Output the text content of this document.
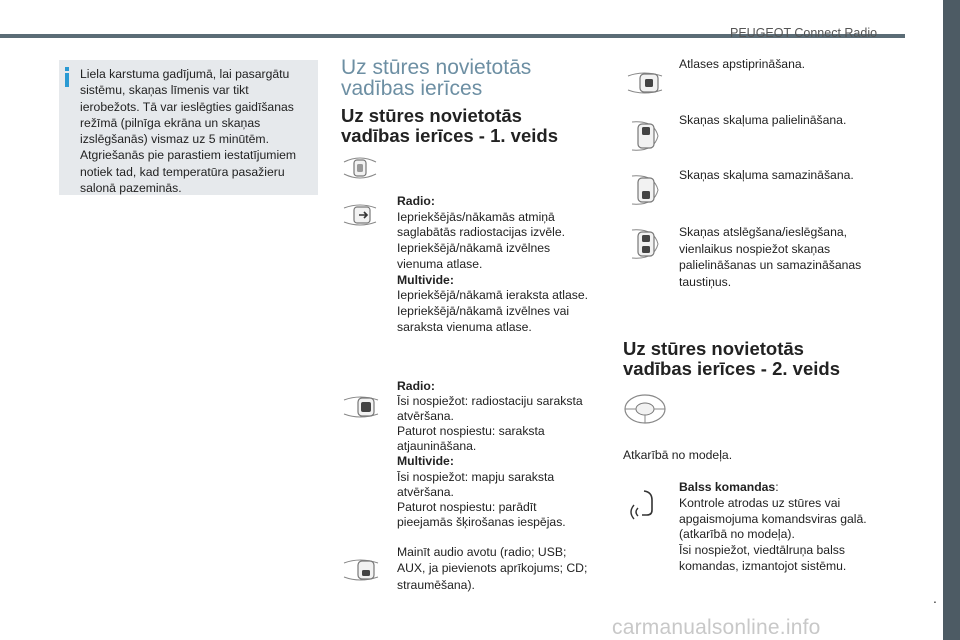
PEUGEOT Connect Radio
.
1
Liela karstuma gadījumā, lai pasargātu
sistēmu, skaņas līmenis var tikt
ierobežots. Tā var ieslēgties gaidīšanas
režīmā (pilnīga ekrāna un skaņas
izslēgšanās) vismaz uz 5 minūtēm.
Atgriešanās pie parastiem iestatījumiem
notiek tad, kad temperatūra pasažieru
salonā pazeminās.
Uz stūres novietotās
vadības ierīces
Uz stūres novietotās
vadības ierīces - 1. veids
Radio:
Iepriekšējās/nākamās atmiņā
saglabātās radiostacijas izvēle.
Iepriekšējā/nākamā izvēlnes
vienuma atlase.
Multivide:
Iepriekšējā/nākamā ieraksta atlase.
Iepriekšējā/nākamā izvēlnes vai
saraksta vienuma atlase.
Radio:
Īsi nospiežot: radiostaciju saraksta
atvēršana.
Paturot nospiestu: saraksta
atjaunināšana.
Multivide:
Īsi nospiežot: mapju saraksta
atvēršana.
Paturot nospiestu: parādīt
pieejamās šķirošanas iespējas.
Mainīt audio avotu (radio; USB;
AUX, ja pievienots aprīkojums; CD;
straumēšana).
Atlases apstiprināšana.
Skaņas skaļuma palielināšana.
Skaņas skaļuma samazināšana.
Skaņas atslēgšana/ieslēgšana,
vienlaikus nospiežot skaņas
palielināšanas un samazināšanas
taustiņus.
Uz stūres novietotās
vadības ierīces - 2. veids
Atkarībā no modeļa.
Balss komandas:
Kontrole atrodas uz stūres vai
apgaismojuma komandsviras galā.
(atkarībā no modeļa).
Īsi nospiežot, viedtālruņa balss
komandas, izmantojot sistēmu.
carmanualsonline.info
